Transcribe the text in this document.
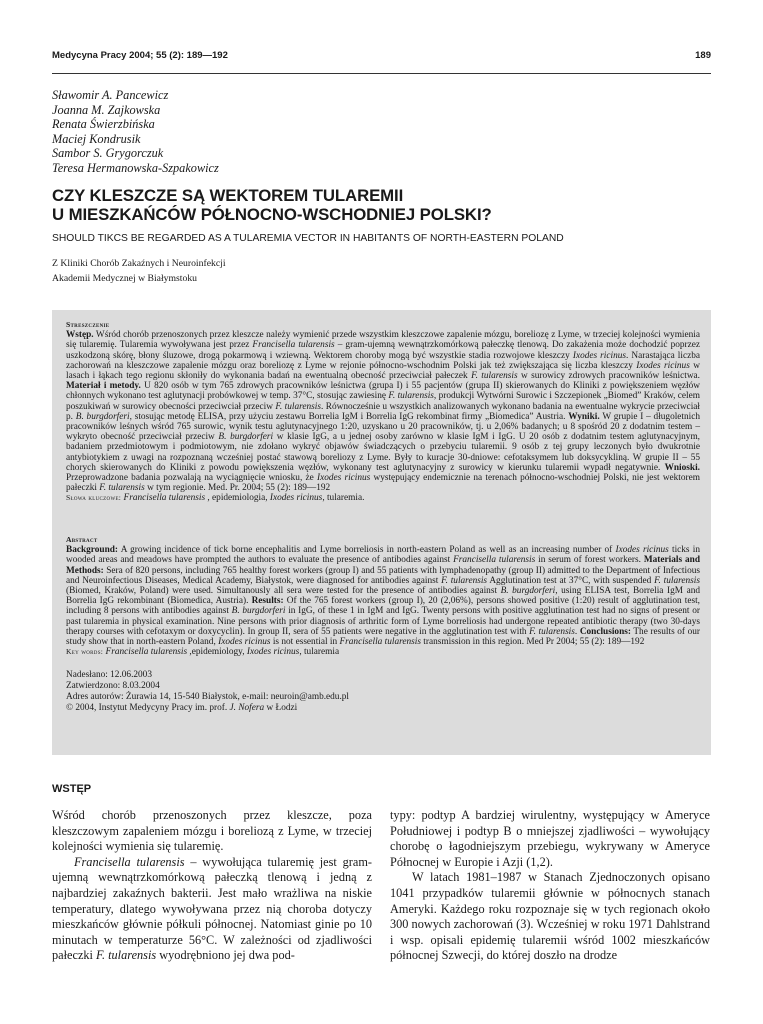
Medycyna Pracy 2004; 55 (2): 189—192	189
Sławomir A. Pancewicz
Joanna M. Zajkowska
Renata Świerzbińska
Maciej Kondrusik
Sambor S. Grygorczuk
Teresa Hermanowska-Szpakowicz
CZY KLESZCZE SĄ WEKTOREM TULAREMII
U MIESZKAŃCÓW PÓŁNOCNO-WSCHODNIEJ POLSKI?
SHOULD TIKCS BE REGARDED AS A TULAREMIA VECTOR IN HABITANTS OF NORTH-EASTERN POLAND
Z Kliniki Chorób Zakaźnych i Neuroinfekcji
Akademii Medycznej w Białymstoku
Streszczenie
Wstęp. Wśród chorób przenoszonych przez kleszcze należy wymienić przede wszystkim kleszczowe zapalenie mózgu, boreliozę z Lyme, w trzeciej kolejności wymienia się tularemię. Tularemia wywoływana jest przez Francisella tularensis – gram-ujemną wewnątrzkomórkową pałeczkę tlenową. Do zakażenia może dochodzić poprzez uszkodzoną skórę, błony śluzowe, drogą pokarmową i wziewną. Wektorem choroby mogą być wszystkie stadia rozwojowe kleszczy Ixodes ricinus. Narastająca liczba zachorowań na kleszczowe zapalenie mózgu oraz boreliozę z Lyme w rejonie północno-wschodnim Polski jak też zwiększająca się liczba kleszczy Ixodes ricinus w lasach i łąkach tego regionu skłoniły do wykonania badań na ewentualną obecność przeciwciał pałeczek F. tularensis w surowicy zdrowych pracowników leśnictwa. Materiał i metody. U 820 osób w tym 765 zdrowych pracowników leśnictwa (grupa I) i 55 pacjentów (grupa II) skierowanych do Kliniki z powiększeniem węzłów chłonnych wykonano test aglutynacji probówkowej w temp. 37°C, stosując zawiesinę F. tularensis, produkcji Wytwórni Surowic i Szczepionek „Biomed” Kraków, celem poszukiwań w surowicy obecności przeciwciał przeciw F. tularensis. Równocześnie u wszystkich analizowanych wykonano badania na ewentualne wykrycie przeciwciał p. B. burgdorferi, stosując metodę ELISA, przy użyciu zestawu Borrelia IgM i Borrelia IgG rekombinat firmy „Biomedica” Austria. Wyniki. W grupie I – długoletnich pracowników leśnych wśród 765 surowic, wynik testu aglutynacyjnego 1:20, uzyskano u 20 pracowników, tj. u 2,06% badanych; u 8 spośród 20 z dodatnim testem – wykryto obecność przeciwciał przeciw B. burgdorferi w klasie IgG, a u jednej osoby zarówno w klasie IgM i IgG. U 20 osób z dodatnim testem aglutynacyjnym, badaniem przedmiotowym i podmiotowym, nie zdołano wykryć objawów świadczących o przebyciu tularemii. 9 osób z tej grupy leczonych było dwukrotnie antybiotykiem z uwagi na rozpoznaną wcześniej postać stawową boreliozy z Lyme. Były to kuracje 30-dniowe: cefotaksymem lub doksycykliną. W grupie II – 55 chorych skierowanych do Kliniki z powodu powiększenia węzłów, wykonany test aglutynacyjny z surowicy w kierunku tularemii wypadł negatywnie. Wnioski. Przeprowadzone badania pozwalają na wyciągnięcie wniosku, że Ixodes ricinus występujący endemicznie na terenach północno-wschodniej Polski, nie jest wektorem pałeczki F. tularensis w tym regionie. Med. Pr. 2004; 55 (2): 189—192
Słowa kluczowe: Francisella tularensis , epidemiologia, Ixodes ricinus, tularemia.
Abstract
Background: A growing incidence of tick borne encephalitis and Lyme borreliosis in north-eastern Poland as well as an increasing number of Ixodes ricinus ticks in wooded areas and meadows have prompted the authors to evaluate the presence of antibodies against Francisella tularensis in serum of forest workers. Materials and Methods: Sera of 820 persons, including 765 healthy forest workers (group I) and 55 patients with lymphadenopathy (group II) admitted to the Department of Infectious and Neuroinfectious Diseases, Medical Academy, Białystok, were diagnosed for antibodies against F. tularensis Agglutination test at 37°C, with suspended F. tularensis (Biomed, Kraków, Poland) were used. Simultanously all sera were tested for the presence of antibodies against B. burgdorferi, using ELISA test, Borrelia IgM and Borrelia IgG rekombinant (Biomedica, Austria). Results: Of the 765 forest workers (group I), 20 (2,06%), persons showed positive (1:20) result of agglutination test, including 8 persons with antibodies against B. burgdorferi in IgG, of these 1 in IgM and IgG. Twenty persons with positive agglutination test had no signs of present or past tularemia in physical examination. Nine persons with prior diagnosis of arthritic form of Lyme borreliosis had undergone repeated antibiotic therapy (two 30-days therapy courses with cefotaxym or doxycyclin). In group II, sera of 55 patients were negative in the agglutination test with F. tularensis. Conclusions: The results of our study show that in north-eastern Poland, Ixodes ricinus is not essential in Francisella tularensis transmission in this region. Med Pr 2004; 55 (2): 189—192
Key words: Francisella tularensis ,epidemiology, Ixodes ricinus, tularemia
Nadesłano: 12.06.2003
Zatwierdzono: 8.03.2004
Adres autorów: Żurawia 14, 15-540 Białystok, e-mail: neuroin@amb.edu.pl
© 2004, Instytut Medycyny Pracy im. prof. J. Nofera w Łodzi
WSTĘP

Wśród chorób przenoszonych przez kleszcze, poza kleszczowym zapaleniem mózgu i boreliozą z Lyme, w trzeciej kolejności wymienia się tularemię.

Francisella tularensis – wywołująca tularemię jest gram-ujemną wewnątrzkomórkową pałeczką tlenową i jedną z najbardziej zakaźnych bakterii. Jest mało wrażliwa na niskie temperatury, dlatego wywoływana przez nią choroba dotyczy mieszkańców głównie półkuli północnej. Natomiast ginie po 10 minutach w temperaturze 56°C. W zależności od zjadliwości pałeczki F. tularensis wyodrębniono jej dwa pod-

typy: podtyp A bardziej wirulentny, występujący w Ameryce Południowej i podtyp B o mniejszej zjadliwości – wywołujący chorobę o łagodniejszym przebiegu, wykrywany w Ameryce Północnej w Europie i Azji (1,2).

W latach 1981–1987 w Stanach Zjednoczonych opisano 1041 przypadków tularemii głównie w północnych stanach Ameryki. Każdego roku rozpoznaje się w tych regionach około 300 nowych zachorowań (3). Wcześniej w roku 1971 Dahlstrand i wsp. opisali epidemię tularemii wśród 1002 mieszkańców północnej Szwecji, do której doszło na drodze
